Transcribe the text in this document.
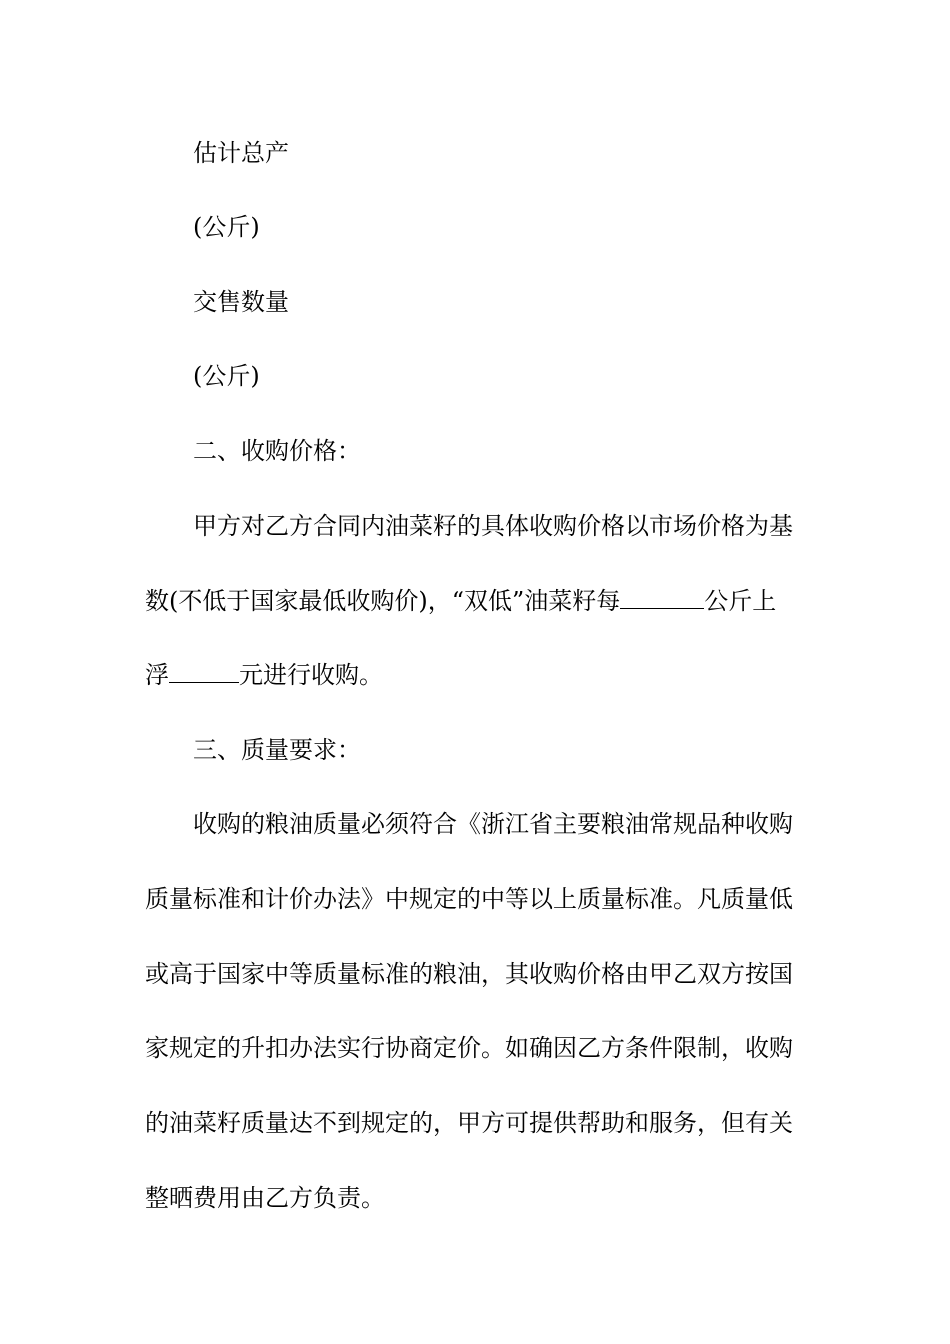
估计总产
(公斤)
交售数量
(公斤)
二、收购价格：
甲方对乙方合同内油菜籽的具体收购价格以市场价格为基
数(不低于国家最低收购价)，“双低”油菜籽每	公斤上
浮	元进行收购。
三、质量要求：
收购的粮油质量必须符合《浙江省主要粮油常规品种收购
质量标准和计价办法》中规定的中等以上质量标准。凡质量低
或高于国家中等质量标准的粮油，其收购价格由甲乙双方按国
家规定的升扣办法实行协商定价。如确因乙方条件限制，收购
的油菜籽质量达不到规定的，甲方可提供帮助和服务，但有关
整晒费用由乙方负责。
